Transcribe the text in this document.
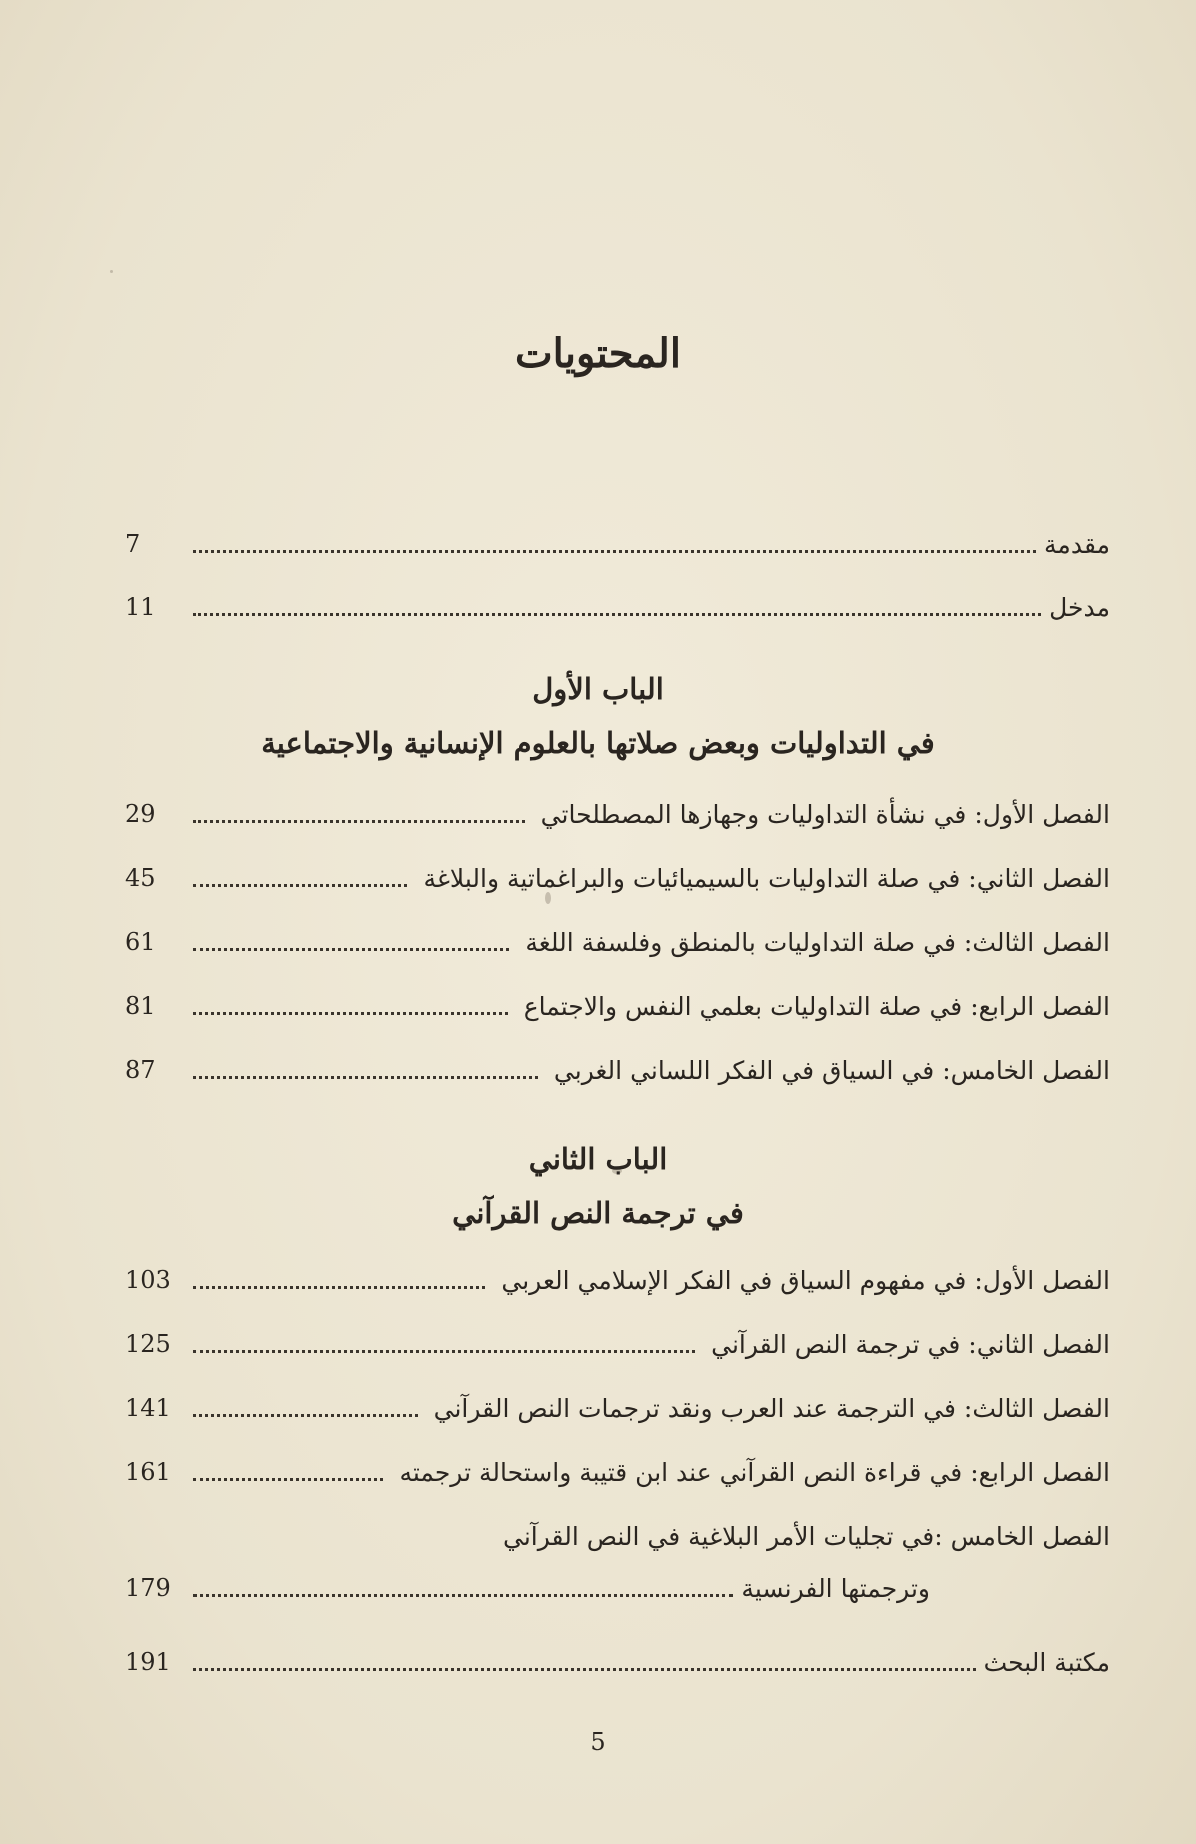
المحتويات
مقدمة
7
مدخل
11
الباب الأول
في التداوليات وبعض صلاتها بالعلوم الإنسانية والاجتماعية
الفصل الأول:في نشأة التداوليات وجهازها المصطلحاتي
29
الفصل الثاني:في صلة التداوليات بالسيميائيات والبراغماتية والبلاغة
45
الفصل الثالث:في صلة التداوليات بالمنطق وفلسفة اللغة
61
الفصل الرابع:في صلة التداوليات بعلمي النفس والاجتماع
81
الفصل الخامس:في السياق في الفكر اللساني الغربي
87
الباب الثاني
في ترجمة النص القرآني
الفصل الأول:في مفهوم السياق في الفكر الإسلامي العربي
103
الفصل الثاني:في ترجمة النص القرآني
125
الفصل الثالث:في الترجمة عند العرب ونقد ترجمات النص القرآني
141
الفصل الرابع:في قراءة النص القرآني عند ابن قتيبة واستحالة ترجمته
161
الفصل الخامس :
في تجليات الأمر البلاغية في النص القرآني
وترجمتها الفرنسية
179
مكتبة البحث
191
5
